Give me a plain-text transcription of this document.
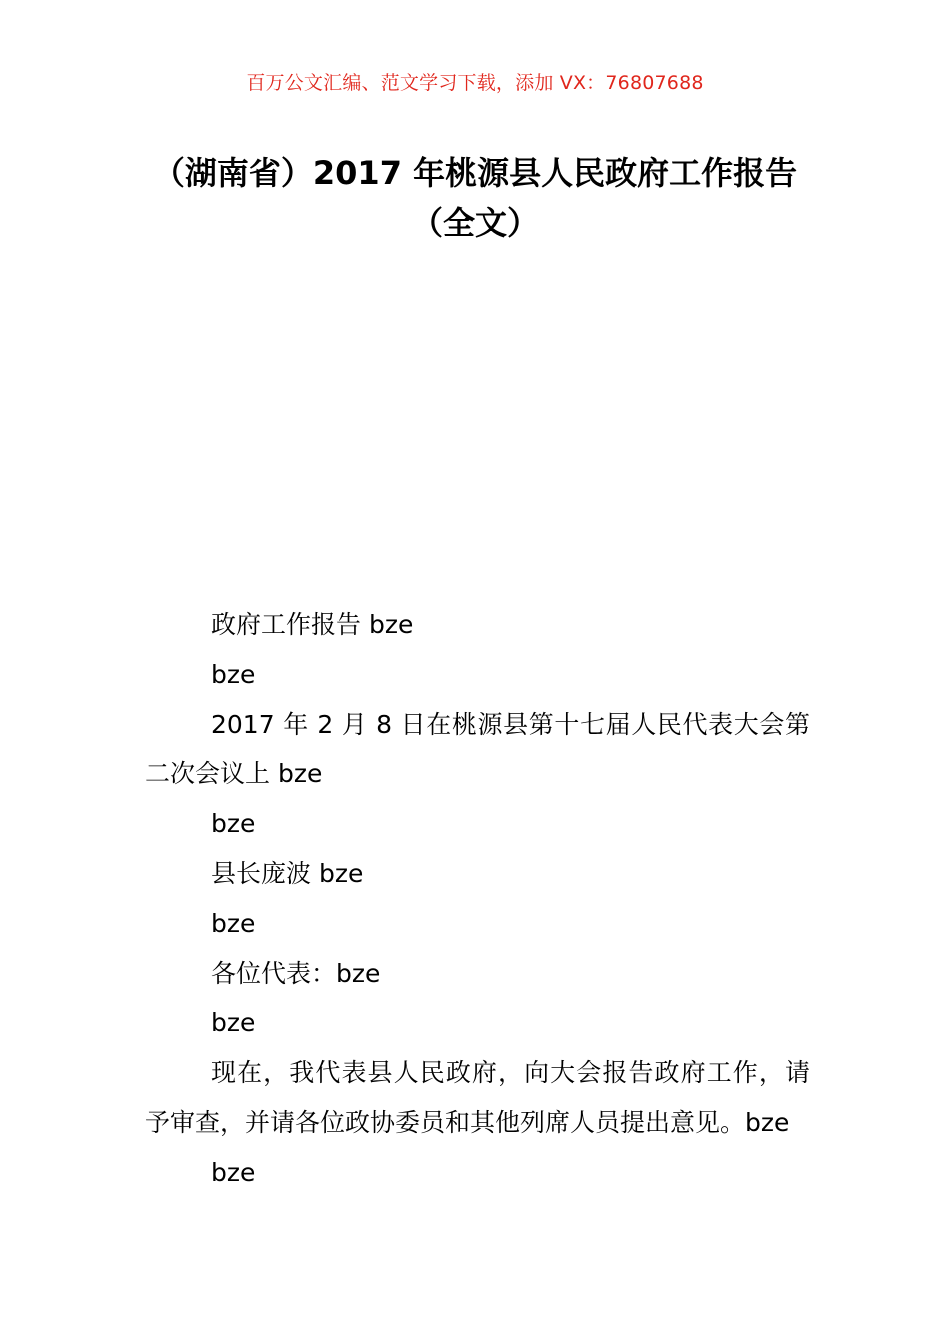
百万公文汇编、范文学习下载，添加 VX：76807688
（湖南省）2017 年桃源县人民政府工作报告（全文）

政府工作报告 bze

bze

2017 年 2 月 8 日在桃源县第十七届人民代表大会第二次会议上 bze

bze

县长庞波 bze

bze

各位代表：bze

bze

现在，我代表县人民政府，向大会报告政府工作，请予审查，并请各位政协委员和其他列席人员提出意见。bze

bze
